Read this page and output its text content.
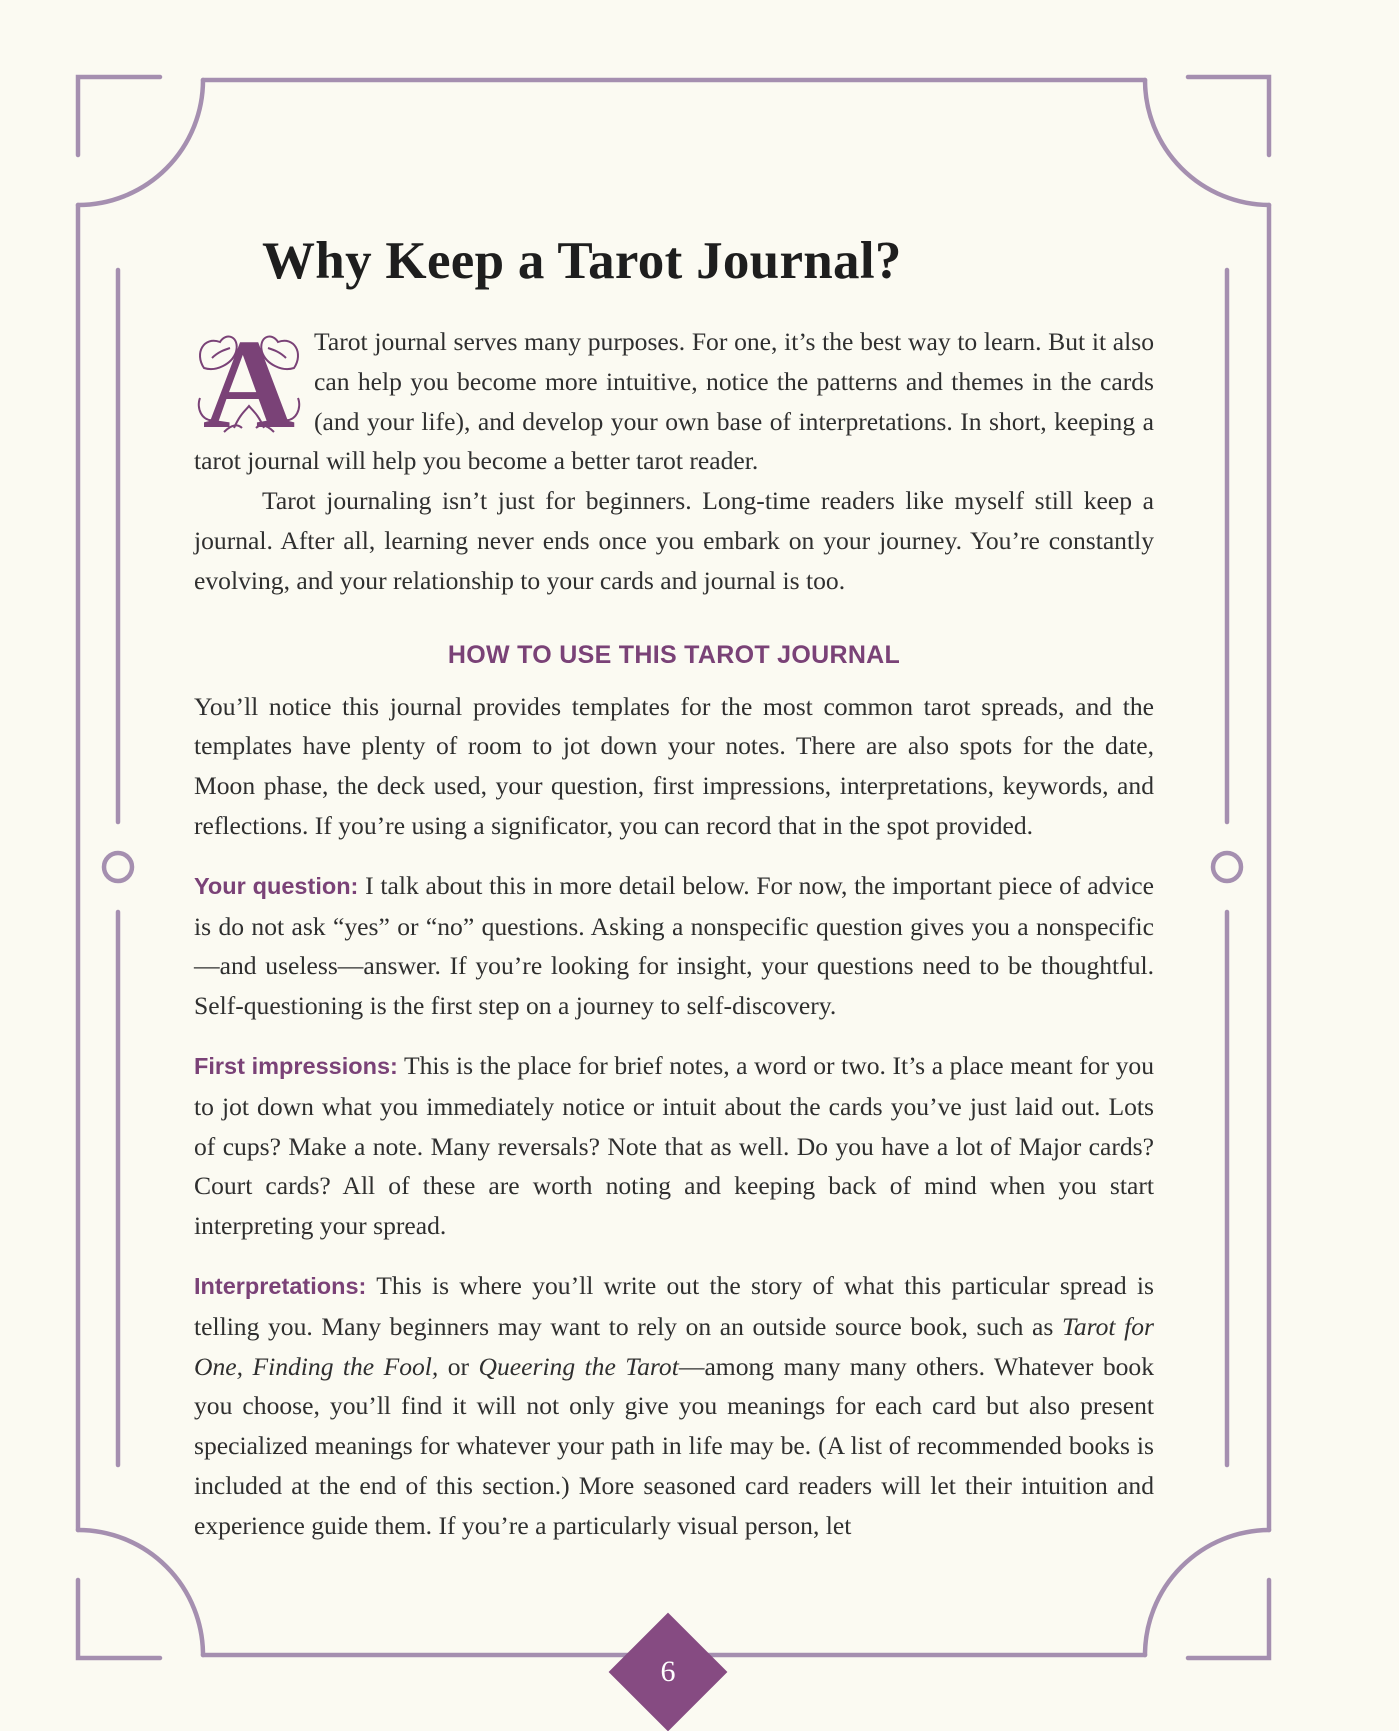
Why Keep a Tarot Journal?

A Tarot journal serves many purposes. For one, it’s the best way to learn. But it also can help you become more intuitive, notice the patterns and themes in the cards (and your life), and develop your own base of interpretations. In short, keeping a tarot journal will help you become a better tarot reader.

Tarot journaling isn’t just for beginners. Long-time readers like myself still keep a journal. After all, learning never ends once you embark on your journey. You’re constantly evolving, and your relationship to your cards and journal is too.

HOW TO USE THIS TAROT JOURNAL

You’ll notice this journal provides templates for the most common tarot spreads, and the templates have plenty of room to jot down your notes. There are also spots for the date, Moon phase, the deck used, your question, first impressions, interpretations, keywords, and reflections. If you’re using a significator, you can record that in the spot provided.

Your question: I talk about this in more detail below. For now, the important piece of advice is do not ask “yes” or “no” questions. Asking a nonspecific question gives you a nonspecific—and useless—answer. If you’re looking for insight, your questions need to be thoughtful. Self-questioning is the first step on a journey to self-discovery.

First impressions: This is the place for brief notes, a word or two. It’s a place meant for you to jot down what you immediately notice or intuit about the cards you’ve just laid out. Lots of cups? Make a note. Many reversals? Note that as well. Do you have a lot of Major cards? Court cards? All of these are worth noting and keeping back of mind when you start interpreting your spread.

Interpretations: This is where you’ll write out the story of what this particular spread is telling you. Many beginners may want to rely on an outside source book, such as Tarot for One, Finding the Fool, or Queering the Tarot—among many many others. Whatever book you choose, you’ll find it will not only give you meanings for each card but also present specialized meanings for whatever your path in life may be. (A list of recommended books is included at the end of this section.) More seasoned card readers will let their intuition and experience guide them. If you’re a particularly visual person, let

6
